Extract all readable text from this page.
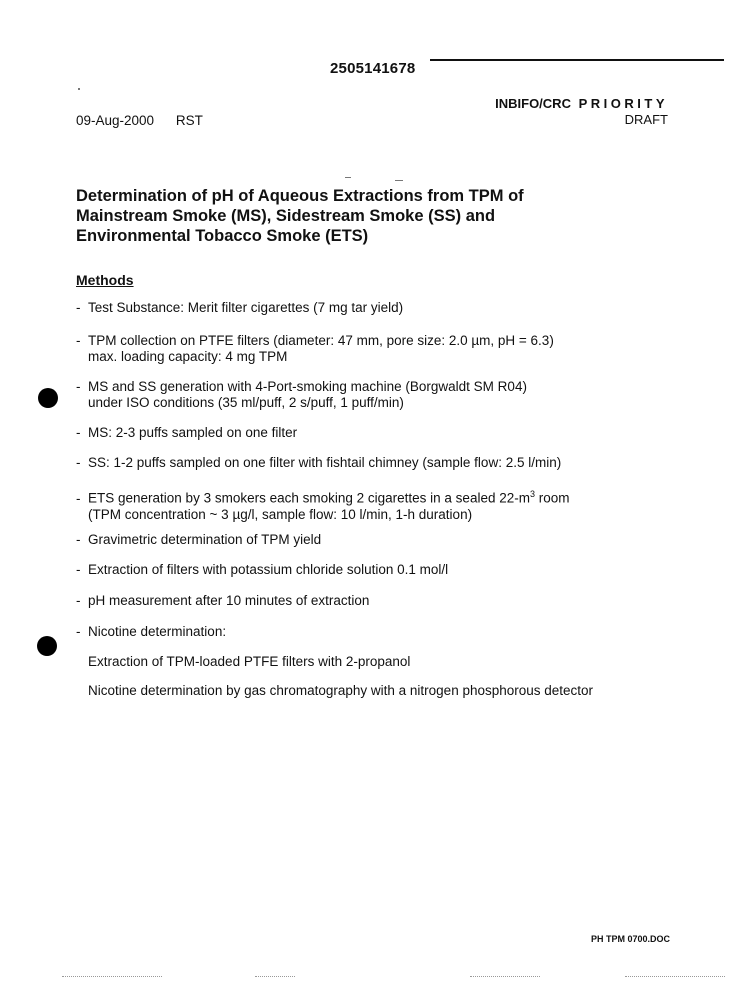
2505141678
INBIFO/CRC PRIORITY
DRAFT
09-Aug-2000 RST
Determination of pH of Aqueous Extractions from TPM of
Mainstream Smoke (MS), Sidestream Smoke (SS) and
Environmental Tobacco Smoke (ETS)
Methods
- Test Substance: Merit filter cigarettes (7 mg tar yield)
- TPM collection on PTFE filters (diameter: 47 mm, pore size: 2.0 µm, pH = 6.3)
max. loading capacity: 4 mg TPM
- MS and SS generation with 4-Port-smoking machine (Borgwaldt SM R04)
under ISO conditions (35 ml/puff, 2 s/puff, 1 puff/min)
- MS: 2-3 puffs sampled on one filter
- SS: 1-2 puffs sampled on one filter with fishtail chimney (sample flow: 2.5 l/min)
- ETS generation by 3 smokers each smoking 2 cigarettes in a sealed $22-m^3$ room
(TPM concentration ~ 3 µg/l, sample flow: 10 l/min, 1-h duration)
- Gravimetric determination of TPM yield
- Extraction of filters with potassium chloride solution 0.1 mol/l
- pH measurement after 10 minutes of extraction
- Nicotine determination:
Extraction of TPM-loaded PTFE filters with 2-propanol
Nicotine determination by gas chromatography with a nitrogen phosphorous detector
PH TPM 0700.DOC
